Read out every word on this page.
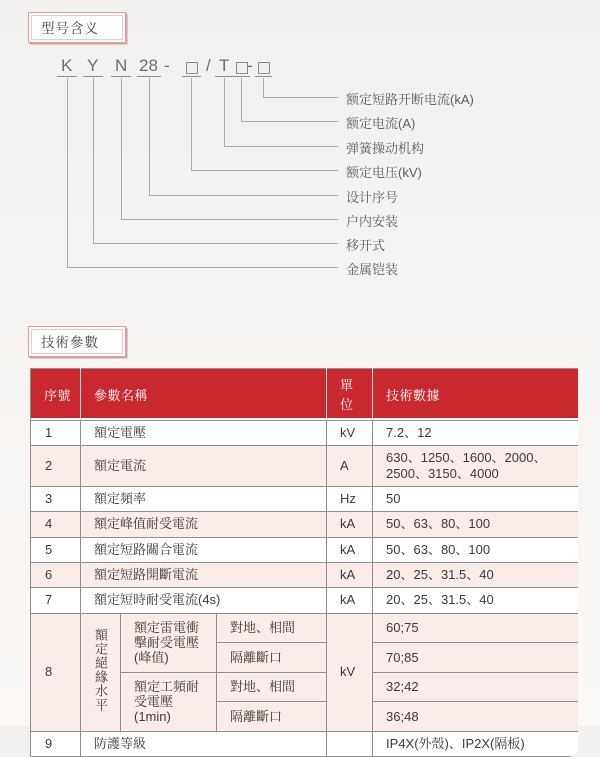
型号含义
K Y N 28 - / T -
额定短路开断电流(kA)
额定电流(A)
弹簧操动机构
额定电压(kV)
设计序号
户内安装
移开式
金属铠装
技術參數
序號	參數名稱			單位	技術數據
1	額定電壓			kV	7.2、12
2	額定電流			A	630、1250、1600、2000、2500、3150、4000
3	額定頻率			Hz	50
4	額定峰值耐受電流			kA	50、63、80、100
5	額定短路關合電流			kA	50、63、80、100
6	額定短路開斷電流			kA	20、25、31.5、40
7	額定短時耐受電流(4s)			kA	20、25、31.5、40
8	額定絕緣水平	額定雷電衝擊耐受電壓(峰值)	對地、相間	kV	60;75
			隔離斷口		70;85
		額定工頻耐受電壓(1min)	對地、相間		32;42
			隔離斷口		36;48
9	防護等級				IP4X(外殼)、IP2X(隔板)
